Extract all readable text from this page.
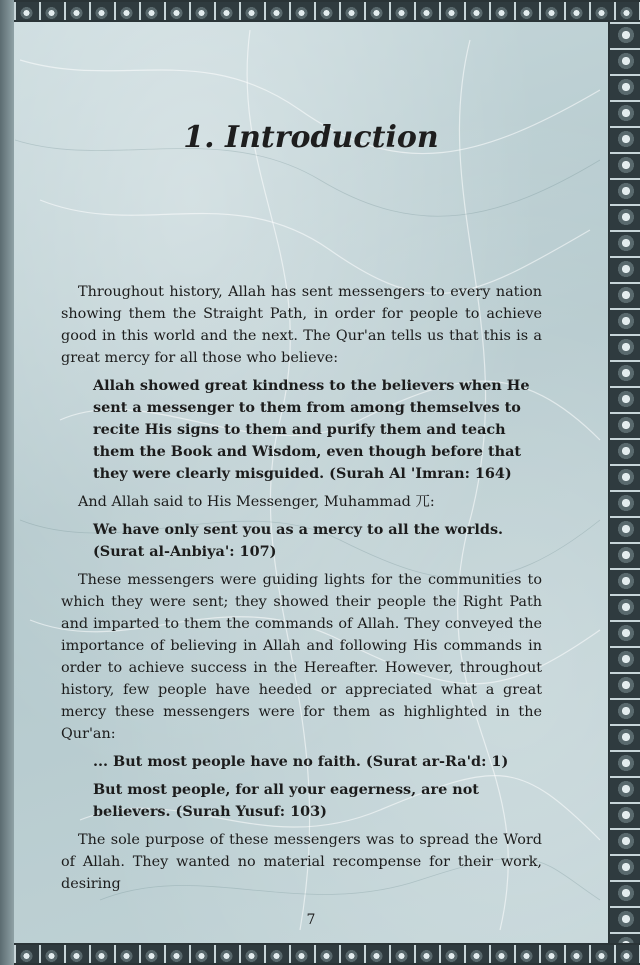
1. Introduction

Throughout history, Allah has sent messengers to every nation showing them the Straight Path, in order for people to achieve good in this world and the next. The Qur'an tells us that this is a great mercy for all those who believe:

Allah showed great kindness to the believers when He sent a messenger to them from among themselves to recite His signs to them and purify them and teach them the Book and Wisdom, even though before that they were clearly misguided. (Surah Al 'Imran: 164)

And Allah said to His Messenger, Muhammad ⺎:

We have only sent you as a mercy to all the worlds. (Surat al-Anbiya': 107)

These messengers were guiding lights for the communities to which they were sent; they showed their people the Right Path and imparted to them the commands of Allah. They conveyed the importance of believing in Allah and following His commands in order to achieve success in the Hereafter. However, throughout history, few people have heeded or appreciated what a great mercy these messengers were for them as highlighted in the Qur'an:

... But most people have no faith. (Surat ar-Ra'd: 1)

But most people, for all your eagerness, are not believers. (Surah Yusuf: 103)

The sole purpose of these messengers was to spread the Word of Allah. They wanted no material recompense for their work, desiring

7
